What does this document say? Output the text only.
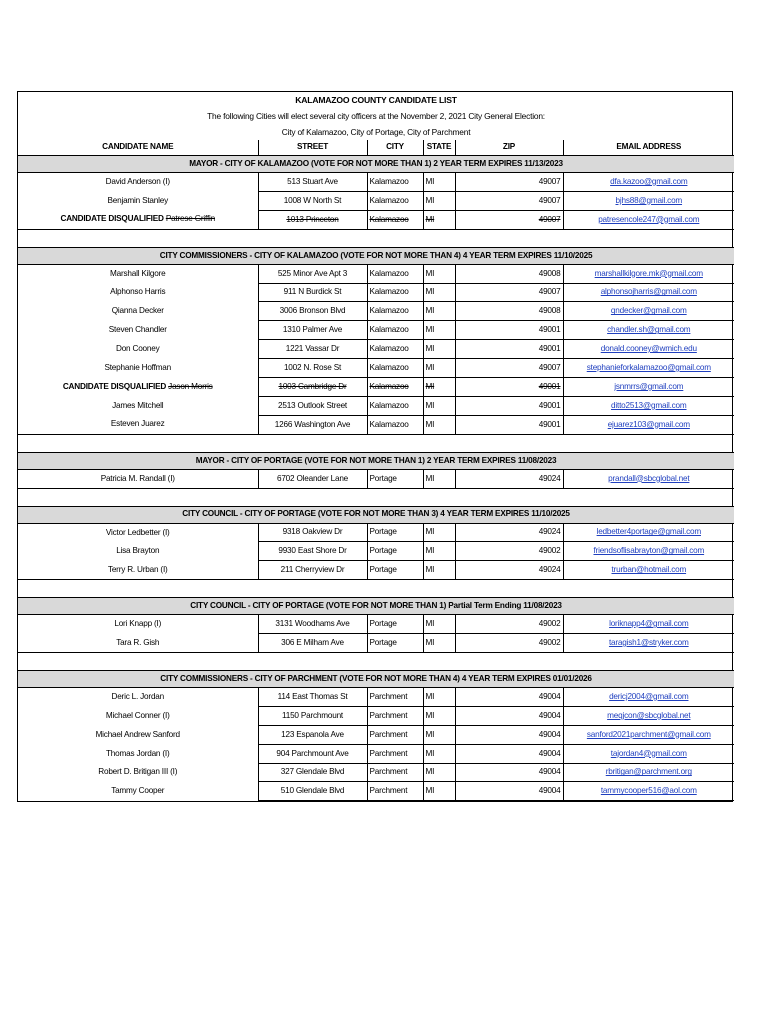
KALAMAZOO COUNTY CANDIDATE LIST					
The following Cities will elect several city officers at the November 2, 2021 City General Election:					
City of Kalamazoo, City of Portage, City of Parchment					
CANDIDATE NAME	STREET	CITY	STATE	ZIP	EMAIL ADDRESS
MAYOR - CITY OF KALAMAZOO (VOTE FOR NOT MORE THAN 1) 2 YEAR TERM EXPIRES 11/13/2023					
David Anderson (I)	513 Stuart Ave	Kalamazoo	MI	49007	dfa.kazoo@gmail.com
Benjamin Stanley	1008 W North St	Kalamazoo	MI	49007	bjhs88@gmail.com
CANDIDATE DISQUALIFIED Patrese Griffin	1013 Princeton	Kalamazoo	MI	49007	patresencole247@gmail.com

CITY COMMISSIONERS - CITY OF KALAMAZOO (VOTE FOR NOT MORE THAN 4) 4 YEAR TERM EXPIRES 11/10/2025					
Marshall Kilgore	525 Minor Ave Apt 3	Kalamazoo	MI	49008	marshallkilgore.mk@gmail.com
Alphonso Harris	911 N Burdick St	Kalamazoo	MI	49007	alphonsojharris@gmail.com
Qianna Decker	3006 Bronson Blvd	Kalamazoo	MI	49008	qndecker@gmail.com
Steven Chandler	1310 Palmer Ave	Kalamazoo	MI	49001	chandler.sh@gmail.com
Don Cooney	1221 Vassar Dr	Kalamazoo	MI	49001	donald.cooney@wmich.edu
Stephanie Hoffman	1002 N. Rose St	Kalamazoo	MI	49007	stephanieforkalamazoo@gmail.com
CANDIDATE DISQUALIFIED Jason Morris	1003 Cambridge Dr	Kalamazoo	MI	49001	jsnmrrs@gmail.com
James Mitchell	2513 Outlook Street	Kalamazoo	MI	49001	ditto2513@gmail.com
Esteven Juarez	1266 Washington Ave	Kalamazoo	MI	49001	ejuarez103@gmail.com

MAYOR - CITY OF PORTAGE (VOTE FOR NOT MORE THAN 1) 2 YEAR TERM EXPIRES 11/08/2023					
Patricia M. Randall (I)	6702 Oleander Lane	Portage	MI	49024	prandall@sbcglobal.net

CITY COUNCIL - CITY OF PORTAGE (VOTE FOR NOT MORE THAN 3) 4 YEAR TERM EXPIRES 11/10/2025					
Victor Ledbetter (I)	9318 Oakview Dr	Portage	MI	49024	ledbetter4portage@gmail.com
Lisa Brayton	9930 East Shore Dr	Portage	MI	49002	friendsoflisabrayton@gmail.com
Terry R. Urban (I)	211 Cherryview Dr	Portage	MI	49024	trurban@hotmail.com

CITY COUNCIL - CITY OF PORTAGE (VOTE FOR NOT MORE THAN 1) Partial Term Ending 11/08/2023					
Lori Knapp (I)	3131 Woodhams Ave	Portage	MI	49002	loriknapp4@gmail.com
Tara R. Gish	306 E Milham Ave	Portage	MI	49002	taragish1@stryker.com

CITY COMMISSIONERS - CITY OF PARCHMENT (VOTE FOR NOT MORE THAN 4) 4 YEAR TERM EXPIRES 01/01/2026					
Deric L. Jordan	114 East Thomas St	Parchment	MI	49004	dericj2004@gmail.com
Michael Conner (I)	1150 Parchmount	Parchment	MI	49004	meqjcon@sbcglobal.net
Michael Andrew Sanford	123 Espanola Ave	Parchment	MI	49004	sanford2021parchment@gmail.com
Thomas Jordan (I)	904 Parchmount Ave	Parchment	MI	49004	tajordan4@gmail.com
Robert D. Britigan III (I)	327 Glendale Blvd	Parchment	MI	49004	rbritigan@parchment.org
Tammy Cooper	510 Glendale Blvd	Parchment	MI	49004	tammycooper516@aol.com
